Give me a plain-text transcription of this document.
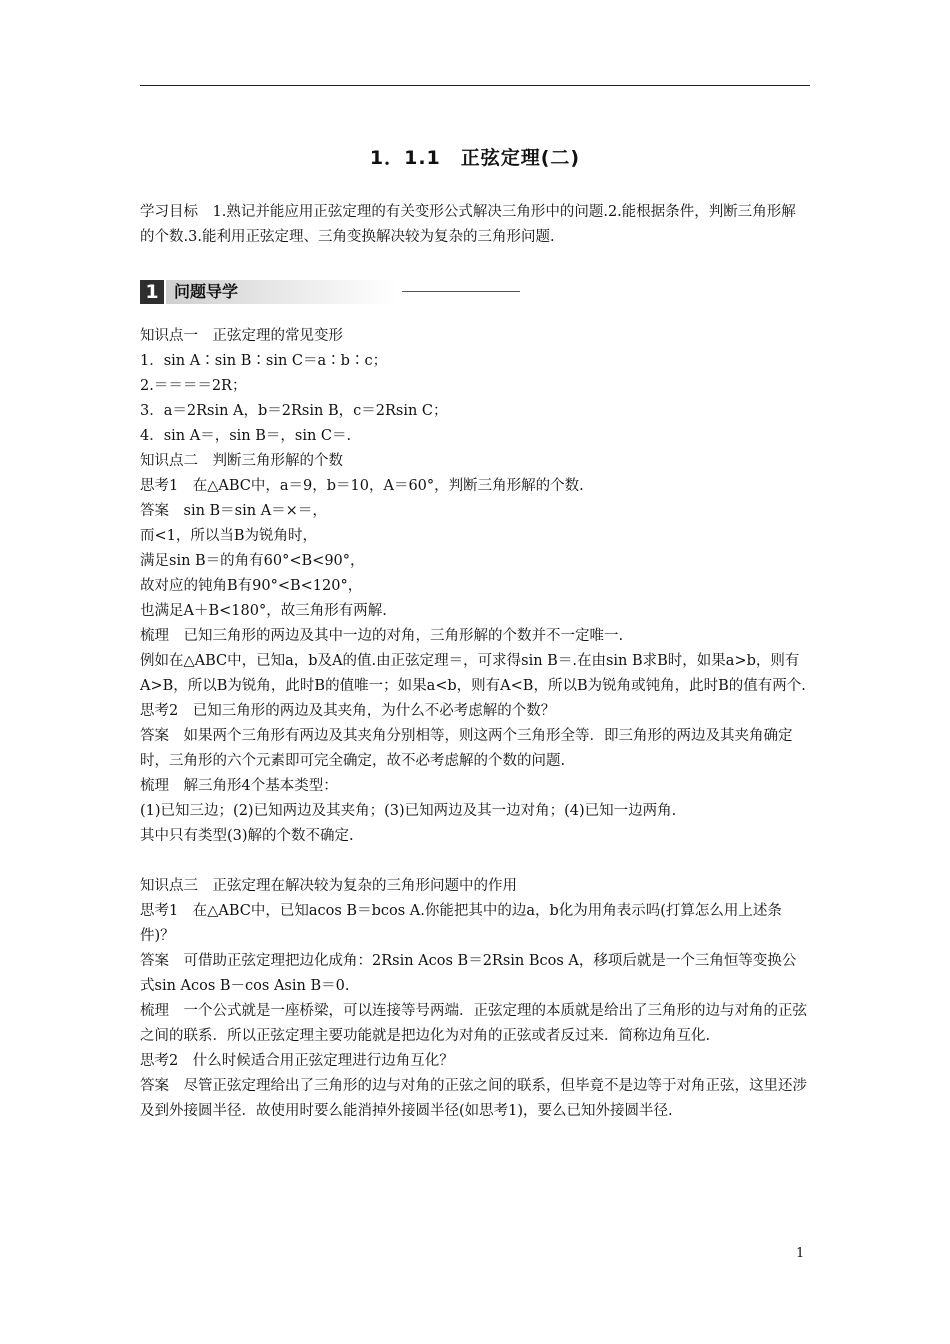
1．1.1　正弦定理(二)
学习目标　1.熟记并能应用正弦定理的有关变形公式解决三角形中的问题.2.能根据条件，判断三角形解的个数.3.能利用正弦定理、三角变换解决较为复杂的三角形问题.
1 问题导学

知识点一　正弦定理的常见变形

1．sin A∶sin B∶sin C＝a∶b∶c；

2.＝＝＝＝2R；

3．a＝2Rsin A，b＝2Rsin B，c＝2Rsin C；

4．sin A＝，sin B＝，sin C＝.

知识点二　判断三角形解的个数

思考1　在△ABC中，a＝9，b＝10，A＝60°，判断三角形解的个数.

答案　sin B＝sin A＝×＝，

而<1，所以当B为锐角时，

满足sin B＝的角有60°<B<90°，

故对应的钝角B有90°<B<120°，

也满足A＋B<180°，故三角形有两解.

梳理　已知三角形的两边及其中一边的对角，三角形解的个数并不一定唯一.

例如在△ABC中，已知a，b及A的值.由正弦定理＝，可求得sin B＝.在由sin B求B时，如果a>b，则有A>B，所以B为锐角，此时B的值唯一；如果a<b，则有A<B，所以B为锐角或钝角，此时B的值有两个.

思考2　已知三角形的两边及其夹角，为什么不必考虑解的个数？

答案　如果两个三角形有两边及其夹角分别相等，则这两个三角形全等．即三角形的两边及其夹角确定时，三角形的六个元素即可完全确定，故不必考虑解的个数的问题.

梳理　解三角形4个基本类型：

(1)已知三边；(2)已知两边及其夹角；(3)已知两边及其一边对角；(4)已知一边两角.

其中只有类型(3)解的个数不确定.

知识点三　正弦定理在解决较为复杂的三角形问题中的作用

思考1　在△ABC中，已知acos B＝bcos A.你能把其中的边a，b化为用角表示吗(打算怎么用上述条件)？

答案　可借助正弦定理把边化成角：2Rsin Acos B＝2Rsin Bcos A，移项后就是一个三角恒等变换公式sin Acos B－cos Asin B＝0.

梳理　一个公式就是一座桥梁，可以连接等号两端．正弦定理的本质就是给出了三角形的边与对角的正弦之间的联系．所以正弦定理主要功能就是把边化为对角的正弦或者反过来．简称边角互化.

思考2　什么时候适合用正弦定理进行边角互化？

答案　尽管正弦定理给出了三角形的边与对角的正弦之间的联系，但毕竟不是边等于对角正弦，这里还涉及到外接圆半径．故使用时要么能消掉外接圆半径(如思考1)，要么已知外接圆半径.

1
